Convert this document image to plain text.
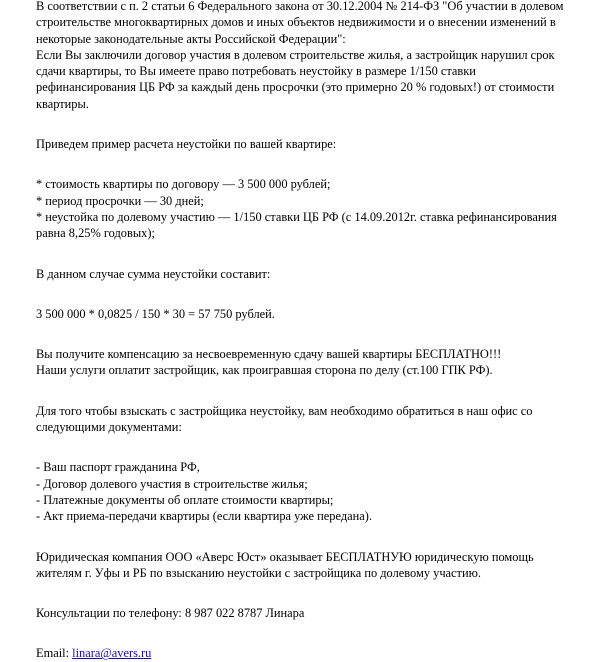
В соответствии с п. 2 статьи 6 Федерального закона от 30.12.2004 № 214-ФЗ "Об участии в долевом
строительстве многоквартирных домов и иных объектов недвижимости и о внесении изменений в
некоторые законодательные акты Российской Федерации":
Если Вы заключили договор участия в долевом строительстве жилья, а застройщик нарушил срок
сдачи квартиры, то Вы имеете право потребовать неустойку в размере 1/150 ставки
рефинансирования ЦБ РФ за каждый день просрочки (это примерно 20 % годовых!) от стоимости
квартиры.
Приведем пример расчета неустойки по вашей квартире:
* стоимость квартиры по договору — 3 500 000 рублей;
* период просрочки — 30 дней;
* неустойка по долевому участию — 1/150 ставки ЦБ РФ (с 14.09.2012г. ставка рефинансирования
равна 8,25% годовых);
В данном случае сумма неустойки составит:
3 500 000 * 0,0825 / 150 * 30 = 57 750 рублей.
Вы получите компенсацию за несвоевременную сдачу вашей квартиры БЕСПЛАТНО!!!
Наши услуги оплатит застройщик, как проигравшая сторона по делу (ст.100 ГПК РФ).
Для того чтобы взыскать с застройщика неустойку, вам необходимо обратиться в наш офис со
следующими документами:
- Ваш паспорт гражданина РФ,
- Договор долевого участия в строительстве жилья;
- Платежные документы об оплате стоимости квартиры;
- Акт приема-передачи квартиры (если квартира уже передана).
Юридическая компания ООО «Аверс Юст» оказывает БЕСПЛАТНУЮ юридическую помощь
жителям г. Уфы и РБ по взысканию неустойки с застройщика по долевому участию.
Консультации по телефону: 8 987 022 8787 Линара
Email: linara@avers.ru
